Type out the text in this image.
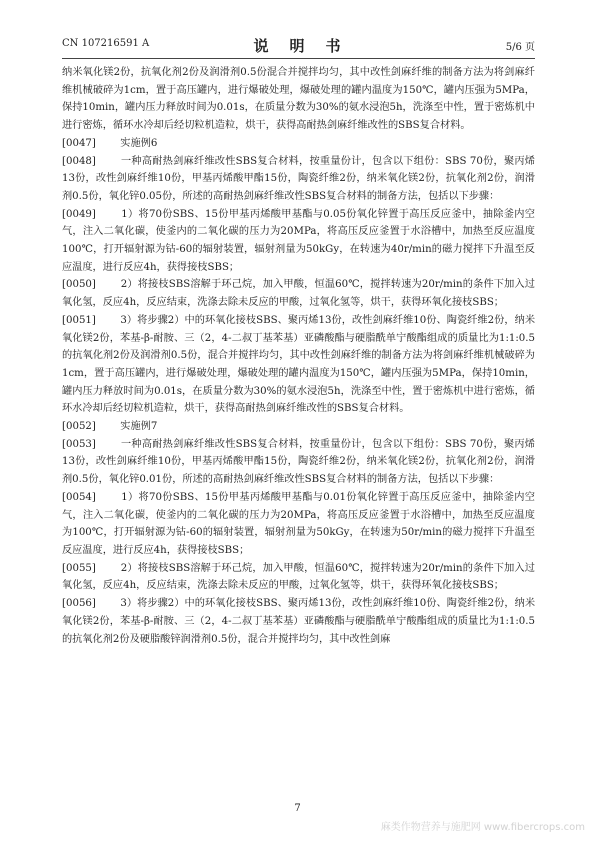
CN 107216591 A	说　明　书	5/6 页

纳米氧化镁2份，抗氧化剂2份及润滑剂0.5份混合并搅拌均匀，其中改性剑麻纤维的制备方法为将剑麻纤维机械破碎为1cm，置于高压罐内，进行爆破处理，爆破处理的罐内温度为150℃，罐内压强为5MPa，保持10min，罐内压力释放时间为0.01s，在质量分数为30%的氨水浸泡5h，洗涤至中性，置于密炼机中进行密炼，循环水冷却后经切粒机造粒，烘干，获得高耐热剑麻纤维改性的SBS复合材料。

[0047]　　 实施例6

[0048]　　 一种高耐热剑麻纤维改性SBS复合材料，按重量份计，包含以下组份：SBS 70份，聚丙烯13份，改性剑麻纤维10份，甲基丙烯酸甲酯15份，陶瓷纤维2份，纳米氧化镁2份，抗氧化剂2份，润滑剂0.5份，氧化锌0.05份，所述的高耐热剑麻纤维改性SBS复合材料的制备方法，包括以下步骤：

[0049]　　 1）将70份SBS、15份甲基丙烯酸甲基酯与0.05份氧化锌置于高压反应釜中，抽除釜内空气，注入二氧化碳，使釜内的二氧化碳的压力为20MPa，将高压反应釜置于水浴槽中，加热至反应温度100℃，打开辐射源为钴-60的辐射装置，辐射剂量为50kGy，在转速为40r/min的磁力搅拌下升温至反应温度，进行反应4h，获得接枝SBS；

[0050]　　 2）将接枝SBS溶解于环己烷，加入甲酸，恒温60℃，搅拌转速为20r/min的条件下加入过氧化氢，反应4h，反应结束，洗涤去除未反应的甲酸，过氧化氢等，烘干，获得环氧化接枝SBS；

[0051]　　 3）将步骤2）中的环氧化接枝SBS、聚丙烯13份，改性剑麻纤维10份、陶瓷纤维2份，纳米氧化镁2份，苯基-β-耐胺、三（2，4-二叔丁基苯基）亚磷酸酯与硬脂酰单宁酸酯组成的质量比为1:1:0.5的抗氧化剂2份及润滑剂0.5份，混合并搅拌均匀，其中改性剑麻纤维的制备方法为将剑麻纤维机械破碎为1cm，置于高压罐内，进行爆破处理，爆破处理的罐内温度为150℃，罐内压强为5MPa，保持10min，罐内压力释放时间为0.01s，在质量分数为30%的氨水浸泡5h，洗涤至中性，置于密炼机中进行密炼，循环水冷却后经切粒机造粒，烘干，获得高耐热剑麻纤维改性的SBS复合材料。

[0052]　　 实施例7

[0053]　　 一种高耐热剑麻纤维改性SBS复合材料，按重量份计，包含以下组份：SBS 70份，聚丙烯13份，改性剑麻纤维10份，甲基丙烯酸甲酯15份，陶瓷纤维2份，纳米氧化镁2份，抗氧化剂2份，润滑剂0.5份，氧化锌0.01份，所述的高耐热剑麻纤维改性SBS复合材料的制备方法，包括以下步骤：

[0054]　　 1）将70份SBS、15份甲基丙烯酸甲基酯与0.01份氧化锌置于高压反应釜中，抽除釜内空气，注入二氧化碳，使釜内的二氧化碳的压力为20MPa，将高压反应釜置于水浴槽中，加热至反应温度为100℃，打开辐射源为钴-60的辐射装置，辐射剂量为50kGy，在转速为50r/min的磁力搅拌下升温至反应温度，进行反应4h，获得接枝SBS；

[0055]　　 2）将接枝SBS溶解于环己烷，加入甲酸，恒温60℃，搅拌转速为20r/min的条件下加入过氧化氢，反应4h，反应结束，洗涤去除未反应的甲酸，过氧化氢等，烘干，获得环氧化接枝SBS；

[0056]　　 3）将步骤2）中的环氧化接枝SBS、聚丙烯13份，改性剑麻纤维10份、陶瓷纤维2份，纳米氧化镁2份，苯基-β-耐胺、三（2，4-二叔丁基苯基）亚磷酸酯与硬脂酰单宁酸酯组成的质量比为1:1:0.5的抗氧化剂2份及硬脂酸锌润滑剂0.5份，混合并搅拌均匀，其中改性剑麻

7
麻类作物营养与施肥网 www.fibercrops.com
